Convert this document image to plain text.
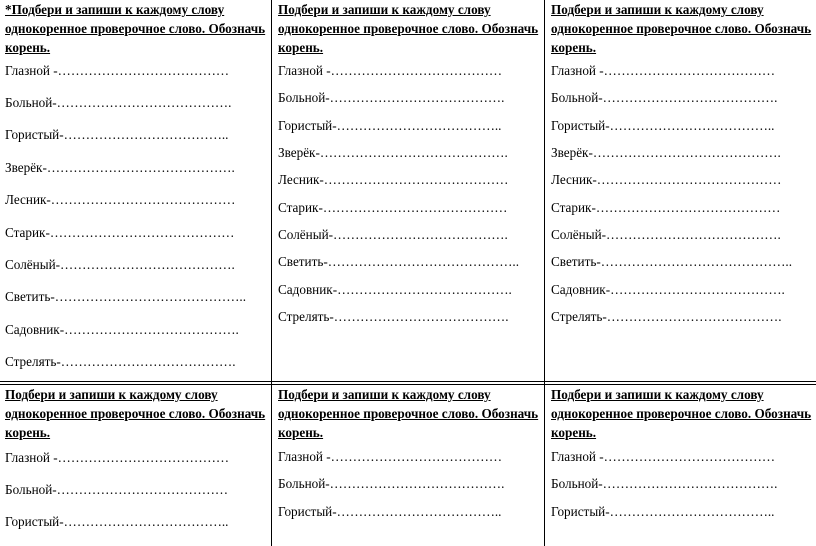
*Подбери и запиши к каждому слову однокоренное проверочное слово. Обозначь корень.
Глазной -…………………………………
Больной-………………………………….
Гористый-………………………………..
Зверёк-…………………………………….
Лесник-……………………………………
Старик-……………………………………
Солёный-………………………………….
Светить-……………………………………..
Садовник-………………………………….
Стрелять-………………………………….
Подбери и запиши к каждому слову однокоренное проверочное слово. Обозначь корень.
Глазной -…………………………………
Больной-………………………………….
Гористый-………………………………..
Зверёк-…………………………………….
Лесник-……………………………………
Старик-……………………………………
Солёный-………………………………….
Светить-……………………………………..
Садовник-………………………………….
Стрелять-………………………………….
Подбери и запиши к каждому слову однокоренное проверочное слово. Обозначь корень.
Глазной -…………………………………
Больной-………………………………….
Гористый-………………………………..
Зверёк-…………………………………….
Лесник-……………………………………
Старик-……………………………………
Солёный-………………………………….
Светить-……………………………………..
Садовник-………………………………….
Стрелять-………………………………….
Подбери и запиши к каждому слову однокоренное проверочное слово. Обозначь корень.
Глазной -…………………………………
Больной-…………………………………
Гористый-………………………………..
Подбери и запиши к каждому слову однокоренное проверочное слово. Обозначь корень.
Глазной -…………………………………
Больной-………………………………….
Гористый-………………………………..
Подбери и запиши к каждому слову однокоренное проверочное слово. Обозначь корень.
Глазной -…………………………………
Больной-………………………………….
Гористый-………………………………..
